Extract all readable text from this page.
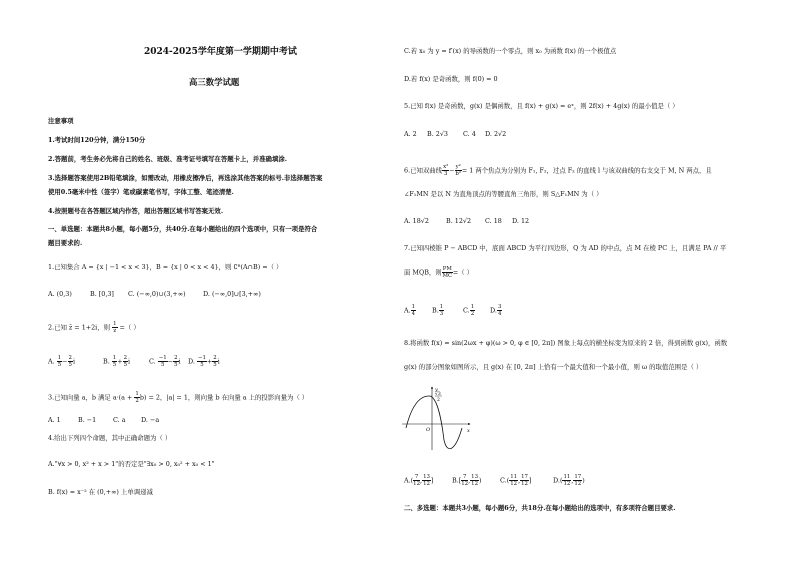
2024-2025学年度第一学期期中考试
高三数学试题
注意事项
1.考试时间120分钟，满分150分
2.答题前，考生务必先将自己的姓名、班级、准考证号填写在答题卡上，并准确填涂.
3.选择题答案使用2B铅笔填涂，如需改动，用橡皮擦净后，再选涂其他答案的标号.非选择题答案
使用0.5毫米中性（签字）笔或碳素笔书写，字体工整、笔迹清楚.
4.按照题号在各答题区域内作答，超出答题区域书写答案无效.
一、单选题：本题共8小题，每小题5分，共40分.在每小题给出的四个选项中，只有一项是符合
题目要求的.
1.已知集合 A = {x | −1 < x < 3}，B = {x | 0 < x < 4}，则 ∁ᴿ(A∩B) =（ ）
A. (0,3)	B. [0,3] C. (−∞,0)∪(3,+∞)	D. (−∞,0]∪[3,+∞)
2.已知 z̄ = 1+2i，则 $\frac{1}{z}$ =（ ）
A. $\frac{1}{5} - \frac{2}{5}$ i	B. $\frac{1}{5} + \frac{2}{5}$ i	C. $\frac{-1}{5} - \frac{2}{5}$ i D. $\frac{-1}{5} + \frac{2}{5}$ i
3.已知向量 a，b 满足 $a\cdot(a + \frac{1}{2} b) = 2$，|a| = 1，则向量 b 在向量 a 上的投影向量为（ ）
A. 1	B. −1	C. a D. −a
4.给出下列四个命题，其中正确命题为（ ）
A."∀x > 0, x² + x > 1"的否定是"∃x₀ > 0, x₀² + x₀ < 1"
B. f(x) = x⁻² 在 (0,+∞) 上单调递减
C.若 x₀ 为 y = f′(x) 的导函数的一个零点，则 x₀ 为函数 f(x) 的一个极值点
D.若 f(x) 是奇函数，则 f(0) = 0
5.已知 f(x) 是奇函数，g(x) 是偶函数，且 f(x) + g(x) = eˣ，则 2f(x) + 4g(x) 的最小值是（ ）
A. 2 B. 2√3 C. 4 D. 2√2
6.已知双曲线 $\frac{\text{x²}}{3} - \frac{\text{y²}}{\text{b²}} = 1$ 两个焦点为分别为 F₁, F₂，过点 F₂ 的直线 l 与该双曲线的右支交于 M, N 两点，且
∠F₁MN 是以 N 为直角顶点的等腰直角三角形，则 S△F₁MN 为（ ）
A. 18√2	B. 12√2 C. 18 D. 12
7.已知四棱锥 P − ABCD 中，底面 ABCD 为平行四边形，Q 为 AD 的中点，点 M 在棱 PC 上，且满足 PA // 平
面 MQB，则 $\frac{PM}{MC}$ =（ ）
A. $\frac{1}{4} B$. $\frac{1}{3}$	C. $\frac{1}{2} D$. $\frac{3}{4}$
8.将函数 f(x) = sin(2ωx + φ)(ω > 0, φ ∈ [0, 2π]) 图象上每点的横坐标变为原来的 2 倍，得到函数 g(x)，函数
g(x) 的部分图象如图所示，且 g(x) 在 [0, 2π] 上恰有一个最大值和一个最小值，则 ω 的取值范围是（ ）
y
x
O
√3
2
$A.( \frac{7}{12}$ , $\frac{13}{12}$ ]	$B.[ \frac{7}{12}$ , $\frac{13}{12}$ )	$C.( \frac{11}{12}$ , $\frac{17}{12}$ ]	$D.( \frac{11}{12}$ , $\frac{17}{12}$ )
二、多选题：本题共3小题，每小题6分，共18分.在每小题给出的选项中，有多项符合题目要求.
